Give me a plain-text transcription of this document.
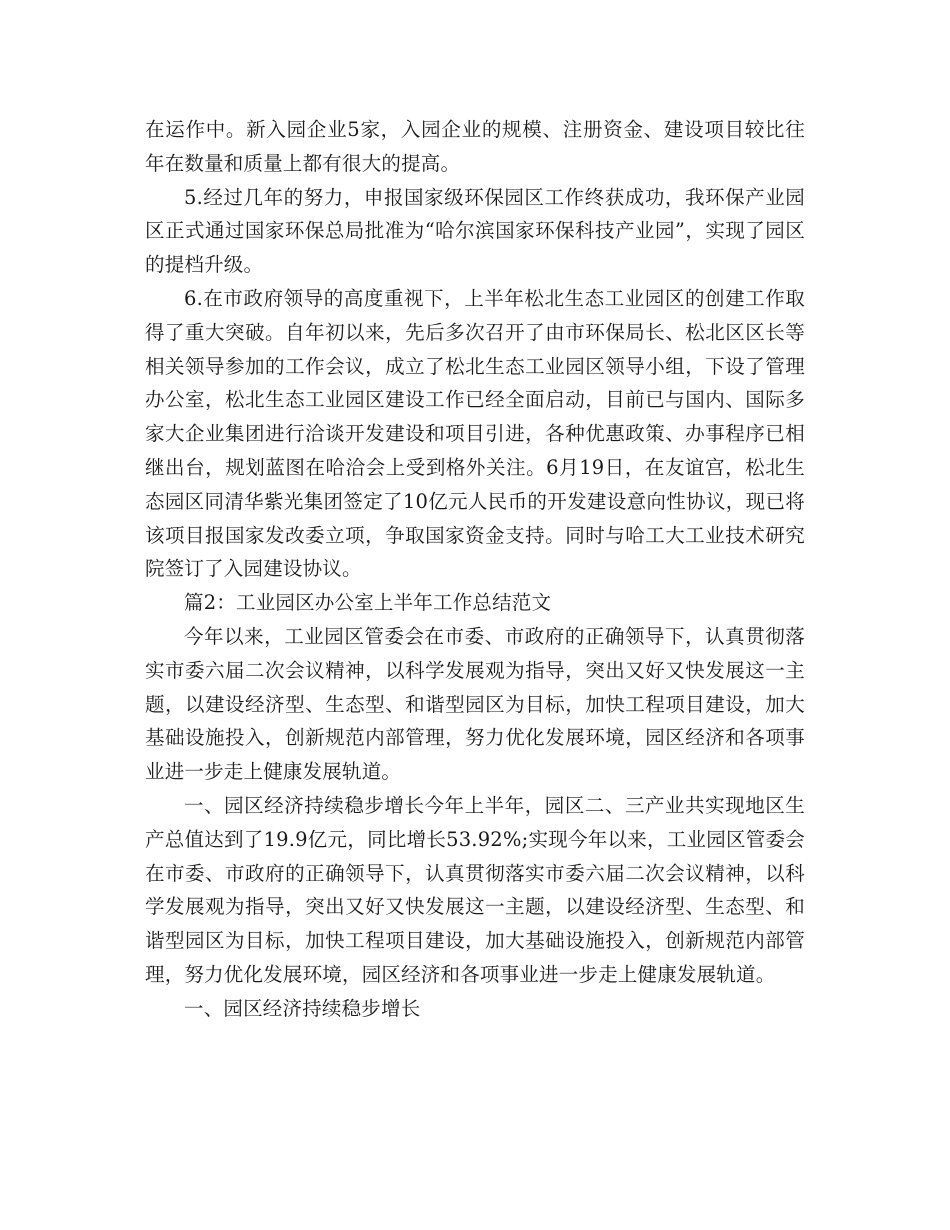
在运作中。新入园企业5家，入园企业的规模、注册资金、建设项目较比往年在数量和质量上都有很大的提高。

5.经过几年的努力，申报国家级环保园区工作终获成功，我环保产业园区正式通过国家环保总局批准为“哈尔滨国家环保科技产业园”，实现了园区的提档升级。

6.在市政府领导的高度重视下，上半年松北生态工业园区的创建工作取得了重大突破。自年初以来，先后多次召开了由市环保局长、松北区区长等相关领导参加的工作会议，成立了松北生态工业园区领导小组，下设了管理办公室，松北生态工业园区建设工作已经全面启动，目前已与国内、国际多家大企业集团进行洽谈开发建设和项目引进，各种优惠政策、办事程序已相继出台，规划蓝图在哈洽会上受到格外关注。6月19日，在友谊宫，松北生态园区同清华紫光集团签定了10亿元人民币的开发建设意向性协议，现已将该项目报国家发改委立项，争取国家资金支持。同时与哈工大工业技术研究院签订了入园建设协议。

篇2：工业园区办公室上半年工作总结范文

今年以来，工业园区管委会在市委、市政府的正确领导下，认真贯彻落实市委六届二次会议精神，以科学发展观为指导，突出又好又快发展这一主题，以建设经济型、生态型、和谐型园区为目标，加快工程项目建设，加大基础设施投入，创新规范内部管理，努力优化发展环境，园区经济和各项事业进一步走上健康发展轨道。

一、园区经济持续稳步增长今年上半年，园区二、三产业共实现地区生产总值达到了19.9亿元，同比增长53.92%;实现今年以来，工业园区管委会在市委、市政府的正确领导下，认真贯彻落实市委六届二次会议精神，以科学发展观为指导，突出又好又快发展这一主题，以建设经济型、生态型、和谐型园区为目标，加快工程项目建设，加大基础设施投入，创新规范内部管理，努力优化发展环境，园区经济和各项事业进一步走上健康发展轨道。

一、园区经济持续稳步增长
